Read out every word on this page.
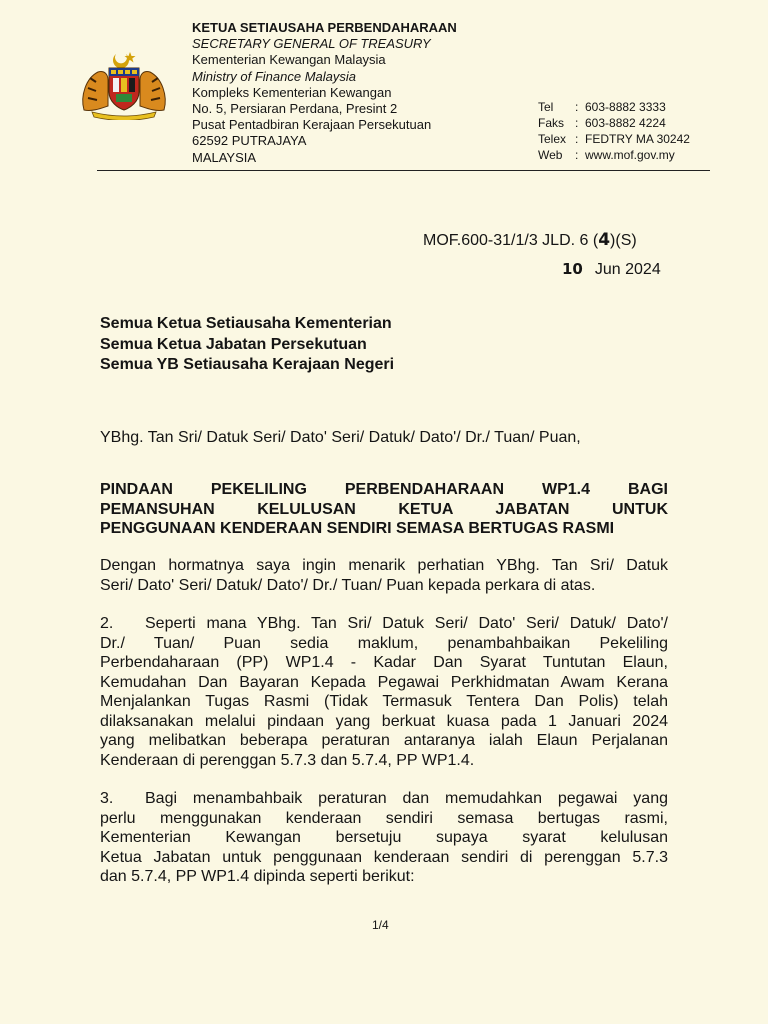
KETUA SETIAUSAHA PERBENDAHARAAN
SECRETARY GENERAL OF TREASURY
Kementerian Kewangan Malaysia
Ministry of Finance Malaysia
Kompleks Kementerian Kewangan
No. 5, Persiaran Perdana, Presint 2
Pusat Pentadbiran Kerajaan Persekutuan
62592 PUTRAJAYA
MALAYSIA
Tel	: 603-8882 3333
Faks : 603-8882 4224
Telex : FEDTRY MA 30242
Web	: www.mof.gov.my
MOF.600-31/1/3 JLD. 6 (4)(S)
10 Jun 2024
Semua Ketua Setiausaha Kementerian
Semua Ketua Jabatan Persekutuan
Semua YB Setiausaha Kerajaan Negeri
YBhg. Tan Sri/ Datuk Seri/ Dato' Seri/ Datuk/ Dato'/ Dr./ Tuan/ Puan,
PINDAAN PEKELILING PERBENDAHARAAN WP1.4 BAGI
PEMANSUHAN KELULUSAN KETUA JABATAN UNTUK
PENGGUNAAN KENDERAAN SENDIRI SEMASA BERTUGAS RASMI
Dengan hormatnya saya ingin menarik perhatian YBhg. Tan Sri/ Datuk
Seri/ Dato' Seri/ Datuk/ Dato'/ Dr./ Tuan/ Puan kepada perkara di atas.
2. Seperti mana YBhg. Tan Sri/ Datuk Seri/ Dato' Seri/ Datuk/ Dato'/
Dr./ Tuan/ Puan sedia maklum, penambahbaikan Pekeliling
Perbendaharaan (PP) WP1.4 - Kadar Dan Syarat Tuntutan Elaun,
Kemudahan Dan Bayaran Kepada Pegawai Perkhidmatan Awam Kerana
Menjalankan Tugas Rasmi (Tidak Termasuk Tentera Dan Polis) telah
dilaksanakan melalui pindaan yang berkuat kuasa pada 1 Januari 2024
yang melibatkan beberapa peraturan antaranya ialah Elaun Perjalanan
Kenderaan di perenggan 5.7.3 dan 5.7.4, PP WP1.4.
3. Bagi menambahbaik peraturan dan memudahkan pegawai yang
perlu menggunakan kenderaan sendiri semasa bertugas rasmi,
Kementerian Kewangan bersetuju supaya syarat kelulusan
Ketua Jabatan untuk penggunaan kenderaan sendiri di perenggan 5.7.3
dan 5.7.4, PP WP1.4 dipinda seperti berikut:
1/4
